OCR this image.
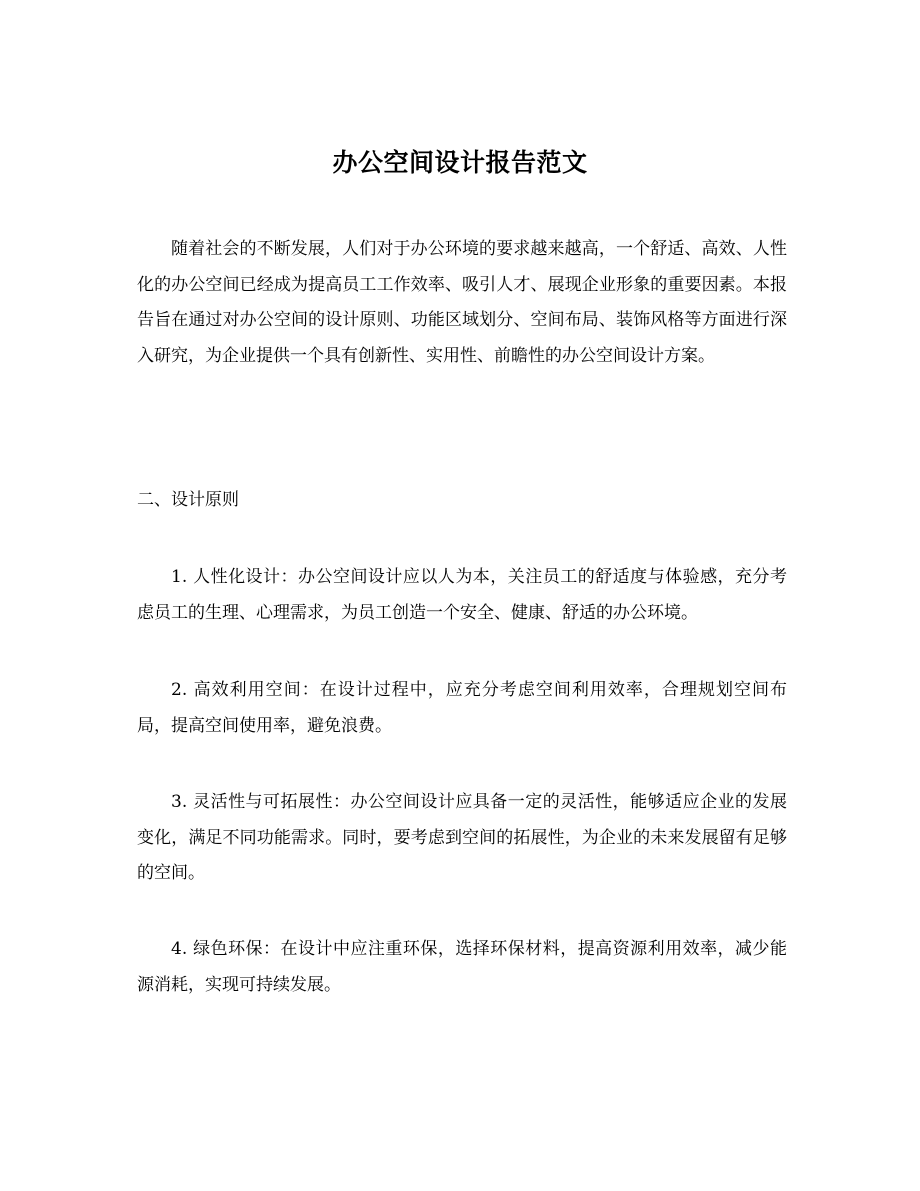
办公空间设计报告范文

随着社会的不断发展，人们对于办公环境的要求越来越高，一个舒适、高效、人性化的办公空间已经成为提高员工工作效率、吸引人才、展现企业形象的重要因素。本报告旨在通过对办公空间的设计原则、功能区域划分、空间布局、装饰风格等方面进行深入研究，为企业提供一个具有创新性、实用性、前瞻性的办公空间设计方案。

二、设计原则

1. 人性化设计：办公空间设计应以人为本，关注员工的舒适度与体验感，充分考虑员工的生理、心理需求，为员工创造一个安全、健康、舒适的办公环境。

2. 高效利用空间：在设计过程中，应充分考虑空间利用效率，合理规划空间布局，提高空间使用率，避免浪费。

3. 灵活性与可拓展性：办公空间设计应具备一定的灵活性，能够适应企业的发展变化，满足不同功能需求。同时，要考虑到空间的拓展性，为企业的未来发展留有足够的空间。

4. 绿色环保：在设计中应注重环保，选择环保材料，提高资源利用效率，减少能源消耗，实现可持续发展。
